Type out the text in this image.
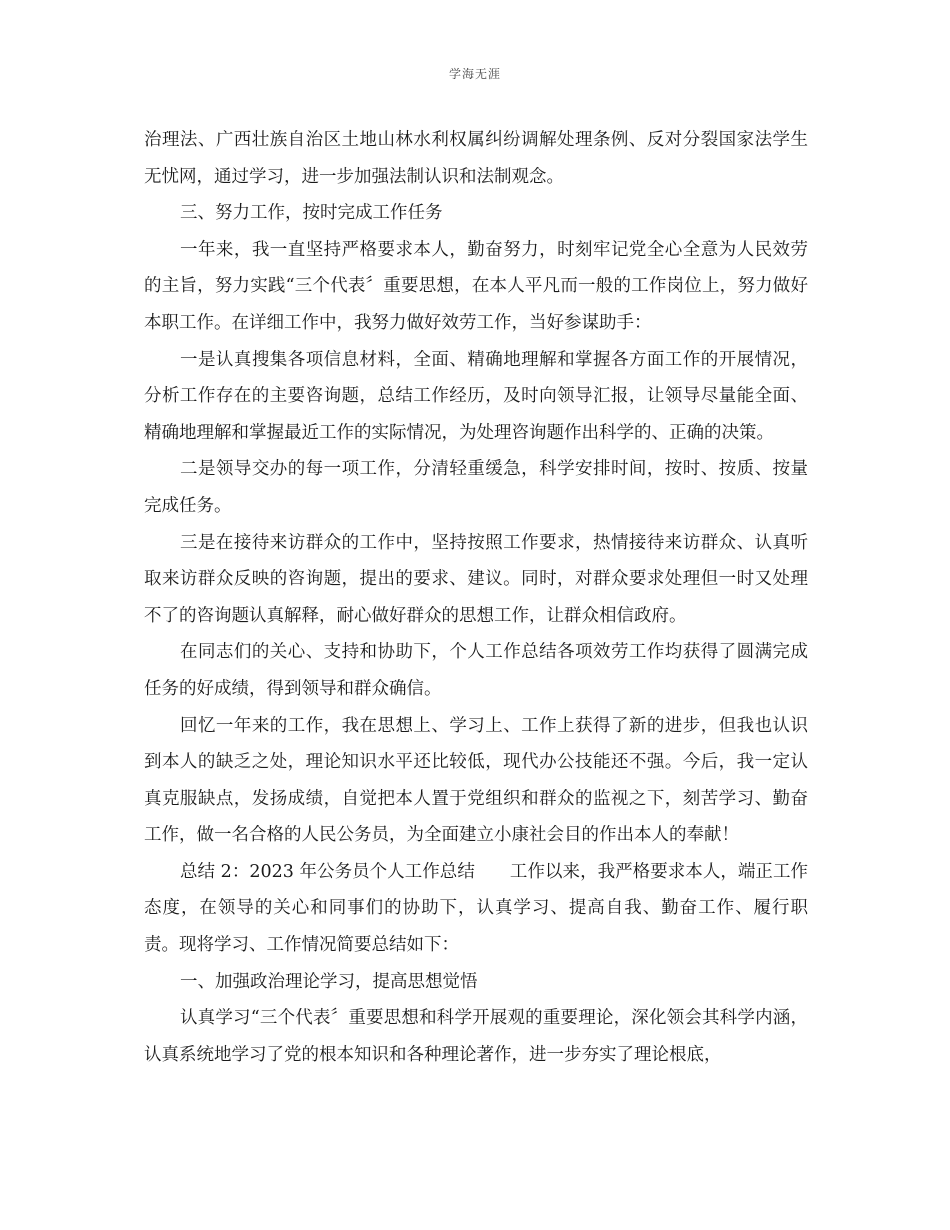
学海无涯

治理法、广西壮族自治区土地山林水利权属纠纷调解处理条例、反对分裂国家法学生无忧网，通过学习，进一步加强法制认识和法制观念。

三、努力工作，按时完成工作任务

一年来，我一直坚持严格要求本人，勤奋努力，时刻牢记党全心全意为人民效劳的主旨，努力实践“三个代表〞重要思想，在本人平凡而一般的工作岗位上，努力做好本职工作。在详细工作中，我努力做好效劳工作，当好参谋助手：

一是认真搜集各项信息材料，全面、精确地理解和掌握各方面工作的开展情况，分析工作存在的主要咨询题，总结工作经历，及时向领导汇报，让领导尽量能全面、精确地理解和掌握最近工作的实际情况，为处理咨询题作出科学的、正确的决策。

二是领导交办的每一项工作，分清轻重缓急，科学安排时间，按时、按质、按量完成任务。

三是在接待来访群众的工作中，坚持按照工作要求，热情接待来访群众、认真听取来访群众反映的咨询题，提出的要求、建议。同时，对群众要求处理但一时又处理不了的咨询题认真解释，耐心做好群众的思想工作，让群众相信政府。

在同志们的关心、支持和协助下，个人工作总结各项效劳工作均获得了圆满完成任务的好成绩，得到领导和群众确信。

回忆一年来的工作，我在思想上、学习上、工作上获得了新的进步，但我也认识到本人的缺乏之处，理论知识水平还比较低，现代办公技能还不强。今后，我一定认真克服缺点，发扬成绩，自觉把本人置于党组织和群众的监视之下，刻苦学习、勤奋工作，做一名合格的人民公务员，为全面建立小康社会目的作出本人的奉献！

总结 2：2023 年公务员个人工作总结　　工作以来，我严格要求本人，端正工作态度，在领导的关心和同事们的协助下，认真学习、提高自我、勤奋工作、履行职责。现将学习、工作情况简要总结如下：

一、加强政治理论学习，提高思想觉悟

认真学习“三个代表〞重要思想和科学开展观的重要理论，深化领会其科学内涵，认真系统地学习了党的根本知识和各种理论著作，进一步夯实了理论根底，
